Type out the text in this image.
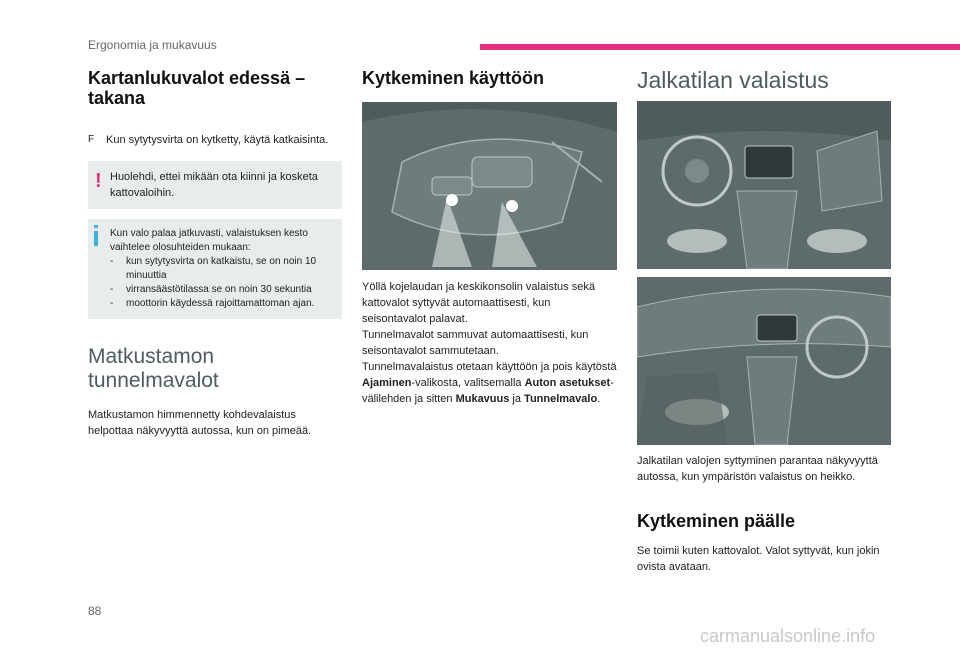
Ergonomia ja mukavuus
Kartanlukuvalot edessä – takana
F	Kun sytytysvirta on kytketty, käytä katkaisinta.
! Huolehdi, ettei mikään ota kiinni ja kosketa kattovaloihin.

Kun valo palaa jatkuvasti, valaistuksen kesto vaihtelee olosuhteiden mukaan:
-	kun sytytysvirta on katkaistu, se on noin 10 minuuttia
-	virransäästötilassa se on noin 30 sekuntia
-	moottorin käydessä rajoittamattoman ajan.
Matkustamon tunnelmavalot

Matkustamon himmennetty kohdevalaistus helpottaa näkyvyyttä autossa, kun on pimeää.

Kytkeminen käyttöön

Yöllä kojelaudan ja keskikonsolin valaistus sekä kattovalot syttyvät automaattisesti, kun seisontavalot palavat.

Tunnelmavalot sammuvat automaattisesti, kun seisontavalot sammutetaan.

Tunnelmavalaistus otetaan käyttöön ja pois käytöstä Ajaminen-valikosta, valitsemalla Auton asetukset-välilehden ja sitten Mukavuus ja Tunnelmavalo.

Jalkatilan valaistus

Jalkatilan valojen syttyminen parantaa näkyvyyttä autossa, kun ympäristön valaistus on heikko.

Kytkeminen päälle

Se toimii kuten kattovalot. Valot syttyvät, kun jokin ovista avataan.

88
carmanualsonline.info
